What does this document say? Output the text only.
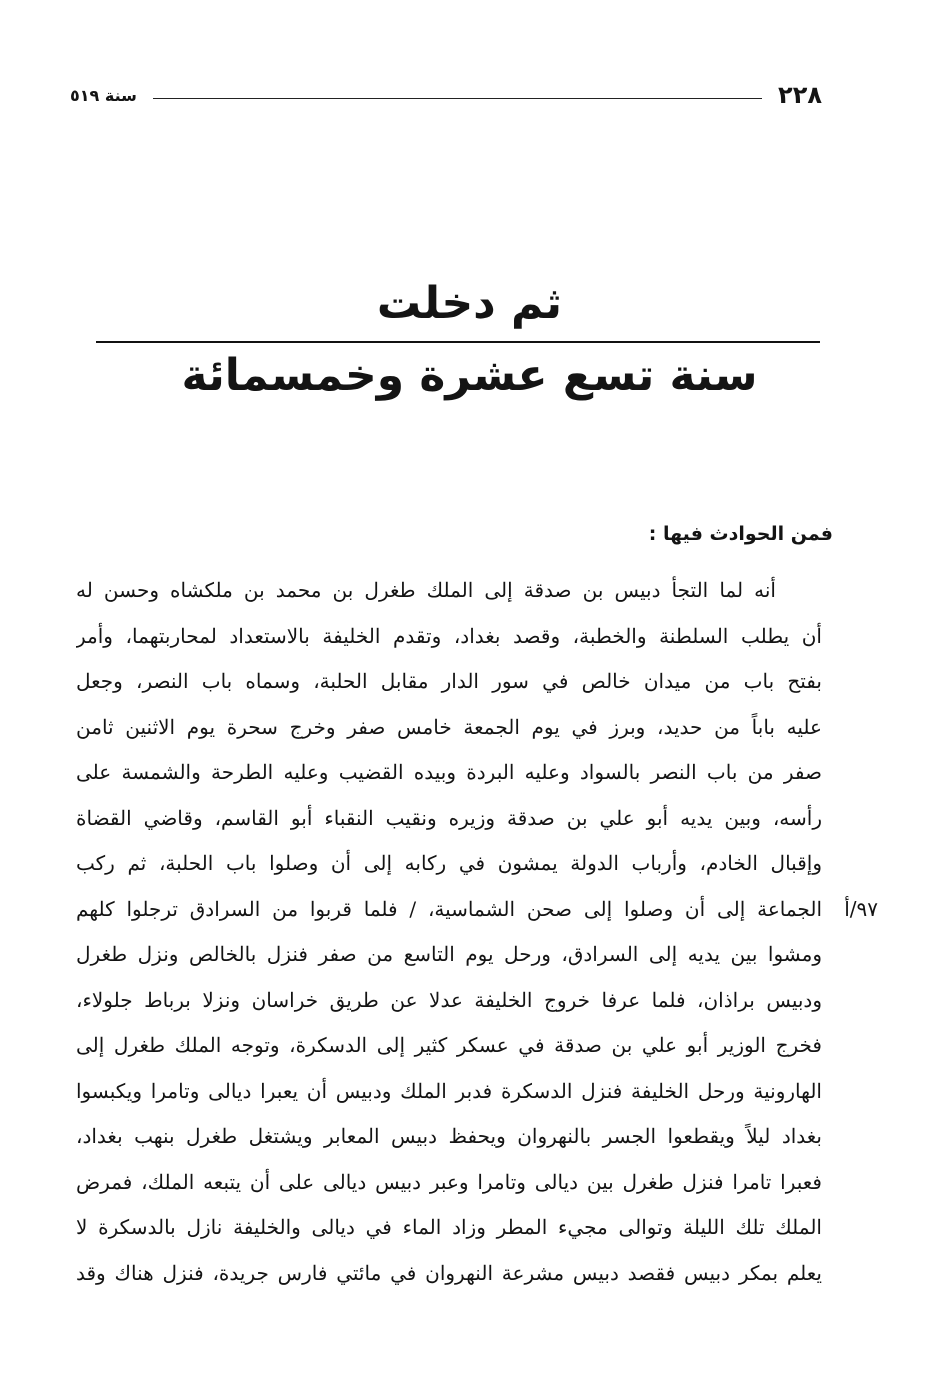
٢٢٨
سنة ٥١٩
ثم دخلت
سنة تسع عشرة وخمسمائة
فمن الحوادث فيها :
أنه لما التجأ دبيس بن صدقة إلى الملك طغرل بن محمد بن ملكشاه وحسن له
أن يطلب السلطنة والخطبة، وقصد بغداد، وتقدم الخليفة بالاستعداد لمحاربتهما، وأمر
بفتح باب من ميدان خالص في سور الدار مقابل الحلبة، وسماه باب النصر، وجعل
عليه باباً من حديد، وبرز في يوم الجمعة خامس صفر وخرج سحرة يوم الاثنين ثامن
صفر من باب النصر بالسواد وعليه البردة وبيده القضيب وعليه الطرحة والشمسة على
رأسه، وبين يديه أبو علي بن صدقة وزيره ونقيب النقباء أبو القاسم، وقاضي القضاة
وإقبال الخادم، وأرباب الدولة يمشون في ركابه إلى أن وصلوا باب الحلبة، ثم ركب
الجماعة إلى أن وصلوا إلى صحن الشماسية، / فلما قربوا من السرادق ترجلوا كلهم
ومشوا بين يديه إلى السرادق، ورحل يوم التاسع من صفر فنزل بالخالص ونزل طغرل
ودبيس براذان، فلما عرفا خروج الخليفة عدلا عن طريق خراسان ونزلا برباط جلولاء،
فخرج الوزير أبو علي بن صدقة في عسكر كثير إلى الدسكرة، وتوجه الملك طغرل إلى
الهارونية ورحل الخليفة فنزل الدسكرة فدبر الملك ودبيس أن يعبرا ديالى وتامرا ويكبسوا
بغداد ليلاً ويقطعوا الجسر بالنهروان ويحفظ دبيس المعابر ويشتغل طغرل بنهب بغداد،
فعبرا تامرا فنزل طغرل بين ديالى وتامرا وعبر دبيس ديالى على أن يتبعه الملك، فمرض
الملك تلك الليلة وتوالى مجيء المطر وزاد الماء في ديالى والخليفة نازل بالدسكرة لا
يعلم بمكر دبيس فقصد دبيس مشرعة النهروان في مائتي فارس جريدة، فنزل هناك وقد
٩٧/أ
